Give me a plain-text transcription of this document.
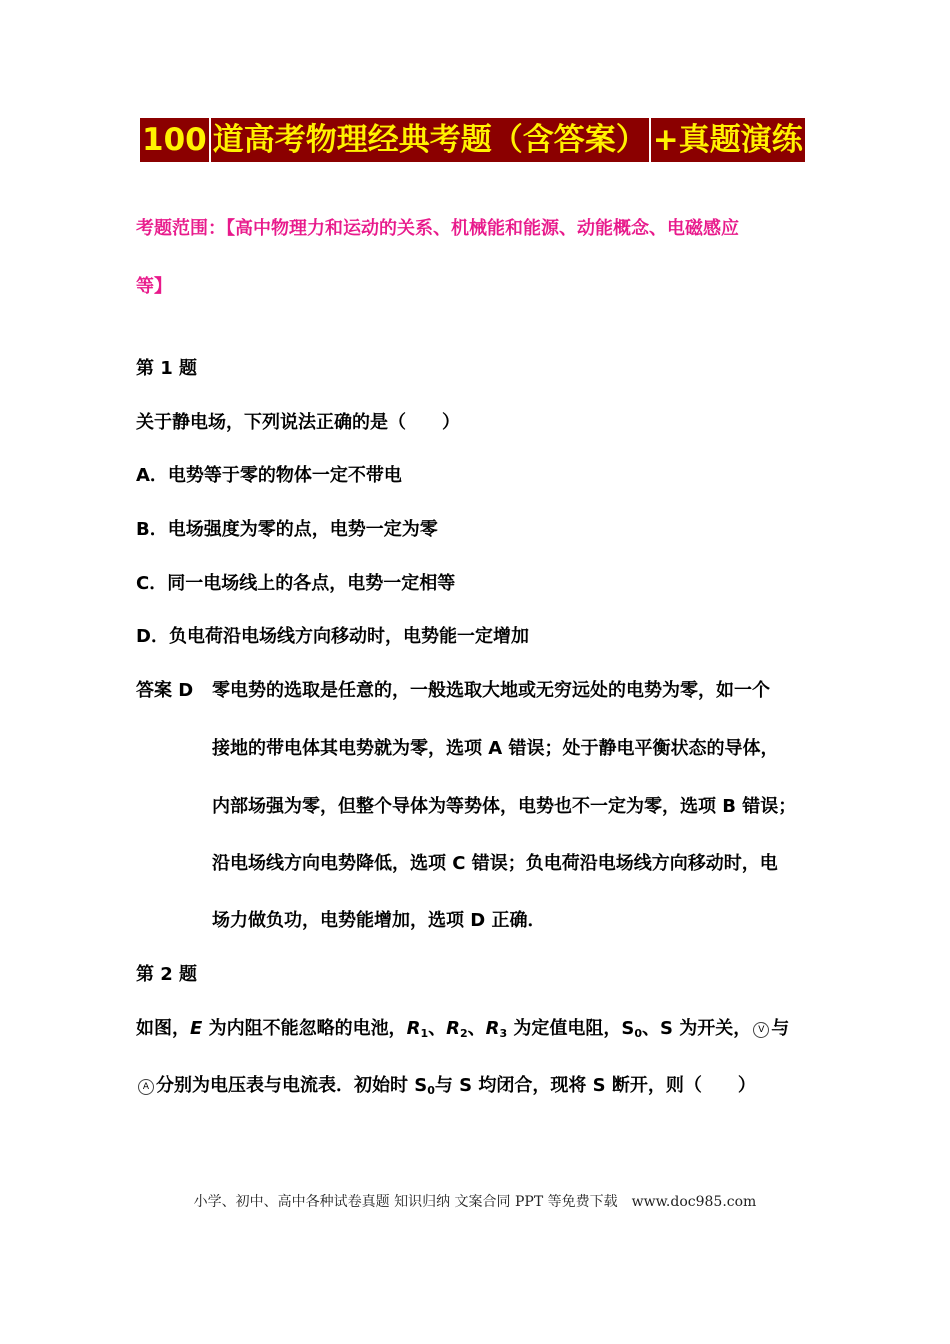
100 道高考物理经典考题（含答案） +真题演练
考题范围：【高中物理力和运动的关系、机械能和能源、动能概念、电磁感应
等】
第 1 题
关于静电场，下列说法正确的是（　　）
A．电势等于零的物体一定不带电
B．电场强度为零的点，电势一定为零
C．同一电场线上的各点，电势一定相等
D．负电荷沿电场线方向移动时，电势能一定增加
答案 D 零电势的选取是任意的，一般选取大地或无穷远处的电势为零，如一个
接地的带电体其电势就为零，选项 A 错误；处于静电平衡状态的导体，
内部场强为零，但整个导体为等势体，电势也不一定为零，选项 B 错误；
沿电场线方向电势降低，选项 C 错误；负电荷沿电场线方向移动时，电
场力做负功，电势能增加，选项 D 正确．
第 2 题
如图，E 为内阻不能忽略的电池，$R_1$、$R_2$、$R_3$ 为定值电阻，$S_0$、S 为开关， V 与
A 分别为电压表与电流表．初始时 $S_0$与 S 均闭合，现将 S 断开，则（　　）
小学、初中、高中各种试卷真题 知识归纳 文案合同 PPT 等免费下载　www.doc985.com
